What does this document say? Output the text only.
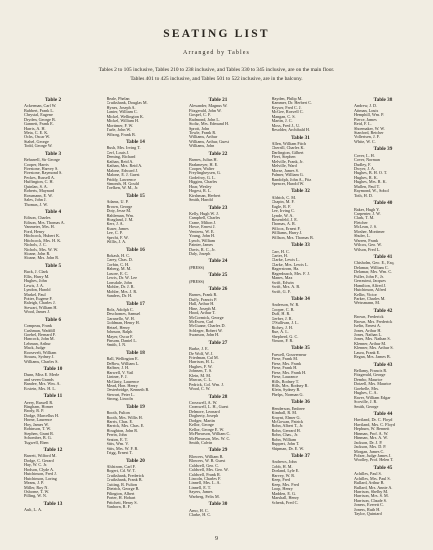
SEATING LIST
Arranged by Tables
Tables 2 to 105 inclusive, Tables 210 to 238 inclusive, and Tables 330 to 345 inclusive, are on the main floor.
Tables 401 to 425 inclusive, and Tables 501 to 522 inclusive, are in the balcony.
Table 2
Ackerman, Carl W.
Bubbert, Frank L.
Chrystal, Eugene
Dryden, George B.
Gannett, Frank E.
Harris, A. H.
Meta, C. E. K.
Ochs, Oscar W.
Stahel, George
Todd, George W.
Table 3
Beharrell, Sir George
Cooper, Harris
Firestone, Harvey S.
Firestone, Raymond S.
Peckes, Russell A.
Huffington, C. H.
Quinlan, S. A.
Roberts, Maynard
Rossmann, E. W.
Sales, John J.
Thomas, J. W.
Table 4
Edison, Charles
Edison, Mrs. Thomas A.
Vanmeter, Mrs. H.
Ford, Henry
Hitchcock, Hubert K.
Hitchcock, Mrs. H. K.
Nichols, J. C.
Nichols, Mrs. W. W.
Sloane, John R.
Sloane, Mrs. John R.
Table 5
Buck, J. Clark
Ellis, Harry M.
Hughes, John
Lewis, J. A.
Lyndon, Harold
Markel, Paul
Potter, Eugene F.
Raleigh, Charles J.
Stewart, William H.
Wood, James J.
Table 6
Compeau, Frank
Cushman, Waddill
Goebel, Bernard F.
Hancock, John M.
Lehman, Arthur
Mack, Judge
Roosevelt, William
Strauss, Sydney J.
Williams, Charles S.
Table 10
Dunn, Miss E. Merle
and seven Grands
Bandee, Mrs. Wm. A.
Ecstein, Mrs. H. L.
Table 11
Avery, Russell R.
Bingham, Homer
Brody, R. P.
Dodge, Marcellus H.
Horne, Laurence
Hoy, James W.
Robinson, T. W.
Stephen, Grant R.
Schomber, B. G.
Tugwell, Eben
Table 12
Barrett, Wilford M.
Dodge, C. Gerard
Hay, W. C. Jr.
Hodson, Clyde A.
Hutchinson, Fred J.
Hutchinson, Loring
Means, J. P.
Miller, Roy N.
Osborne, T. W.
Pilling, W. N.
Table 13
Ault, L. A.
Beale, Phelan
Cruikshank, Douglas M.
Hynes, Joseph A.
Lanier, William C.
Mickel, Wellington K.
Mickel, William H.
Mortimer, F. W.
Turle, John W.
Wiborg, Frank B.
Table 14
Bush, Mrs. Irving T.
Cerf, Louis J.
Deming, Richard
Kathan, Reid A.
Kathan, Mrs. Reid A.
Malone, Edward J.
Malone, E. J. Guest
Priddy, Lawrence
Simonds, H. Gould
Toelken, W. M., Jr.
Table 15
Adams, U. P.
Brown, George
Doty, Jesse M.
Hahleman, Wm.
Hoagland, J. M.
Kerr, J. A.
Kuser, James
Lee, C. P.
Specht, F. W.
Willis, J. A.
Table 16
Bokash, H. C.
Carey, Chas. D.
Corbin, C. H.
Haberg, M. M.
Lasore, E. C.
Lewis, Dr. W. Lee
Lonsdale, John
Mohler, Dr. J. R.
Mohler, Mrs. J. R.
Sanders, Dr. H.
Table 17
Bolz, Adolph C.
Deschomes, Samuel
Garanello, W. H.
Goldman, Henry H.
Hetzel, Henry
Johnson, Ralph
Mayer, Oscar F.
Pinsom, Daniel L.
Smith, I. N.
Table 18
Ball, Wellington E.
DeBow, William L.
Haffner, J. H.
Harwell, V. Vail
Lintner, F. J.
McGinty, Laurence
Mead, Hon. Henry
Oesterbridge, Kenneth B.
Stewart, Peter L.
Strong, Lincoln
Table 19
Booth, Fulton
Booth, Mrs. Willis H.
Harris, Chas. E.
Harrick, Mrs. Chas. E.
Houghton, John R.
Perrin, John
Seaton, E. T.
Sitts, Wm. V.
Sitts, Mrs. W. F. B.
Trigg, Ernest T.
Table 20
Ahlstrom, Carl F.
Bogert, Cd. W. T.
Cruikshank, Frederick
Cruikshank, Frank B.
Cutting, R. Fulton
Dietrich, George B.
Pilington, Albert
Porter, H. Hobart
Pritchett, Henry S.
Vanhorn, R. F.
Table 21
Alexander, Magnus W.
Fitzgerald, John W.
Gospel, C. F.
Radmond, John L.
Stoltz, Mrs. Edmund H.
Sprott, John
Towle, Frank R.
Williams, Arthur
Williams, Arthur, Guest
Williams, John
Table 22
Barnes, Julius H.
Brakmeyer, H. E.
Cooper, Walter
Freylingheysen, G.
Godefroy, G. L.
Higgins, Charles
Hoar, Wesley
Hogest, R. L.
Kirshman, Herbert
Smith, Harold
Table 23
Kelly, Hugh W. J.
Campbell, Charles
Crane, Milton J.
Howe, Ernest J.
Ventress, W. E.
Young, John H.
Lynch, William
Painter, James
Davis, R. C., Jr.
Daly, Joseph
Table 24
(PRESS)
Table 25
(PRESS)
Table 26
Barnes, Frank R.
Duffy, Francis P.
Hall, Arthur H.
Hine, Joseph M.
Hood, Arthur T.
McCormick, George
McEwen, Carl
McGuane, Charles D.
Schleger, Robert W.
Swanson, John H.
Table 27
Burke, J. E.
De Wolf, W. J.
Friedman, Cal M.
Harrison, H. L.
Hughes, F. W.
Johnsen, T. S.
Klein, M. M.
Marcus, C. L.
Pedrick, Col. Wm. J.
Wood, C. W.
Table 28
Crosswell, A. W.
Cromwell, L. H., Guest
Delmore, Leonard
Dogherty, Joseph
Dodger, Martin
Kellor, George
Kellor, George E. W.
McPhearson, William C.
McPhearson, Mrs. W. C.
Smith, Calvin
Table 29
Blowers, William B.
Blowers, W. B. Guest
Caldwell, Geo. C.
Caldwell, Mrs. Geo. W.
Caldwell, Frank R.
Lincoln, Charles F.
Linnell, Mrs. L. A.
Linnell, E. T.
Sayers, James
Warberg, Felix M.
Table 30
Arno, H. C.
Clarke, H. C.
Hayden, Philip M.
Kammer, Dr. Herbert C.
Keyser, Fred C. J.
McGee, Rosvell C.
Mangan, C. S.
Martin, J. C.
Moss, Fred J., U.
Resolder, Archibald H.
Table 31
Allen, William Fitch
Cherrill, Charles K.
Darlington, Gilbert
Fleet, Stephen
Melville, Frank, Jr.
Melville, Ward
Morse, James S.
Palmer, William G.
Randolph, John A., Fitz
Spencer, Harold W.
Table 32
Aldrich, C. M.
Chapin, M. F.
Eagle, R. F.
Lee, Irving C.
Lynde, W. A.
Rosenfeld, J. E.
Thomas, A. R.
Wilcox, Ernest F.
Williams, Harry J.
Willson, Mrs. Thomas B.
Table 33
Carr, H. C.
Carter, H.
Clarke, Lewis L.
Clarke, Mrs. Lewis L.
Hagerstrom, Ha.
Hagenbusch, Mrs. F. J.
Manes, Max
Swift, Edwin
Swift, Mrs. A. B.
Swift, G. F.
Table 34
Anderson, W. R.
Cooper, C. B.
Duff, H. R.
Gerber, J. R.
O'Sullivan, J. L.
Richey, J. H.
Rue, A. L.
Shepherd, G. C.
Vinson, F. R.
Table 35
Farwell, Gouverneur
Fiese, Frank M.
Fiese, Mrs. Frank
Fiese, Frank H.
Fiese, Mrs. Frank H.
Fiese, Laurance
Hills, Rodney T.
Hills, Mrs. Rodney R.
Klein, Sydney B.
Phelps, Norman G.
Table 36
Henderson, Embree
Kimball, R. M.
Kraynt, Elmer G.
McGowan, Patrick
Rohn, Albert T., Jr.
Rohn, Gerrard H.
Rohn, Chas., Jr.
Rohn, William
Ruppert, John T.
Shipman, Dr. E. W.
Table 37
Andrews, John
Cobb, H. M.
Dorland, Lyle E.
Harvey, W. R.
Keep, Fred
Keep, Mrs. Fred
Loop, Henry
Madden, E. G.
Marshall, Henry
Schenk, Fred C.
Table 38
Andrew, J. D.
Attman, Louis
Hemphill, Wm. P.
Pierce, James
Reid, F. L.
Shoemaker, W. W.
Stanford, Betcher
Vollertsen, J. F.
White, W. C.
Table 39
Cover, L. H.
Cover, Norman
Dudley, F.
Dwyer, J. A.
Hughes, B. H. O. T.
Hughes, R. K.
Hughes, Mrs. R. K.
Mullen, Paul T.
Raymond, W., Sobol
Toth, H. D.
Table 40
Baker, Hugh Y.
Carpenter, J. W.
Clark, T. M.
Fletcher
McLean, J. S.
Mosher, Mortimer
Shuler, L.
Warren, Frank
Wilcox, Geo. W.
Wilson, Fred L.
Table 41
Chisholm, Geo. E., Esq.
Delamar, William C.
Delamar, Mrs. Wm. C.
Fuller, John F., Jr.
Gerrasimi, Jacques
Hamilton, Alfred J.
Hutchinson, Alfred
Kellin, Victor
Parker, Charles M.
Weissmann, M.
Table 42
Brown, Frederick
Brown, Mrs. Frederick
Iselin, Ernest A.
Jones, Arthur H.
Jones, Nathan L.
Jones, Mrs. Nathan S.
Klenner, Arthur M.
Klenner, Mrs. Arthur S.
Laura, Frank E.
Regan, Mrs. James B.
Table 43
Bellamy, Francis R.
Fitzgerald, George
Dembo, Maurice
Dotzell, Mrs. Maurice
Goebelle, Mrs.
Hughes, C. A.
Raver, William Edgar
Scoville, J. R.
Smith, George
Table 44
Haviland, Dr. C. Floyd
Haviland, Mrs. C. Floyd
Hepburn, W. Bennett
Hinman, Prof. A. W.
Hinman, Mrs. A. W.
Jackson, Dr. J. P.
Jackson, Mrs. D. P.
Morgan, James C.
Polzer, Judge James J.
Woolley, Prof. Helen T.
Table 45
Achilles, Paul S.
Achilles, Mrs. Paul S.
Bullard, Arthur B.
Bullard, Mrs. Annie A.
Harrison, Shelby M.
Harrison, Mrs. S. M.
Harrison, Claude S.
Joness, Everett C.
Joness, Ruth H.
Taylor, Quintard
9
